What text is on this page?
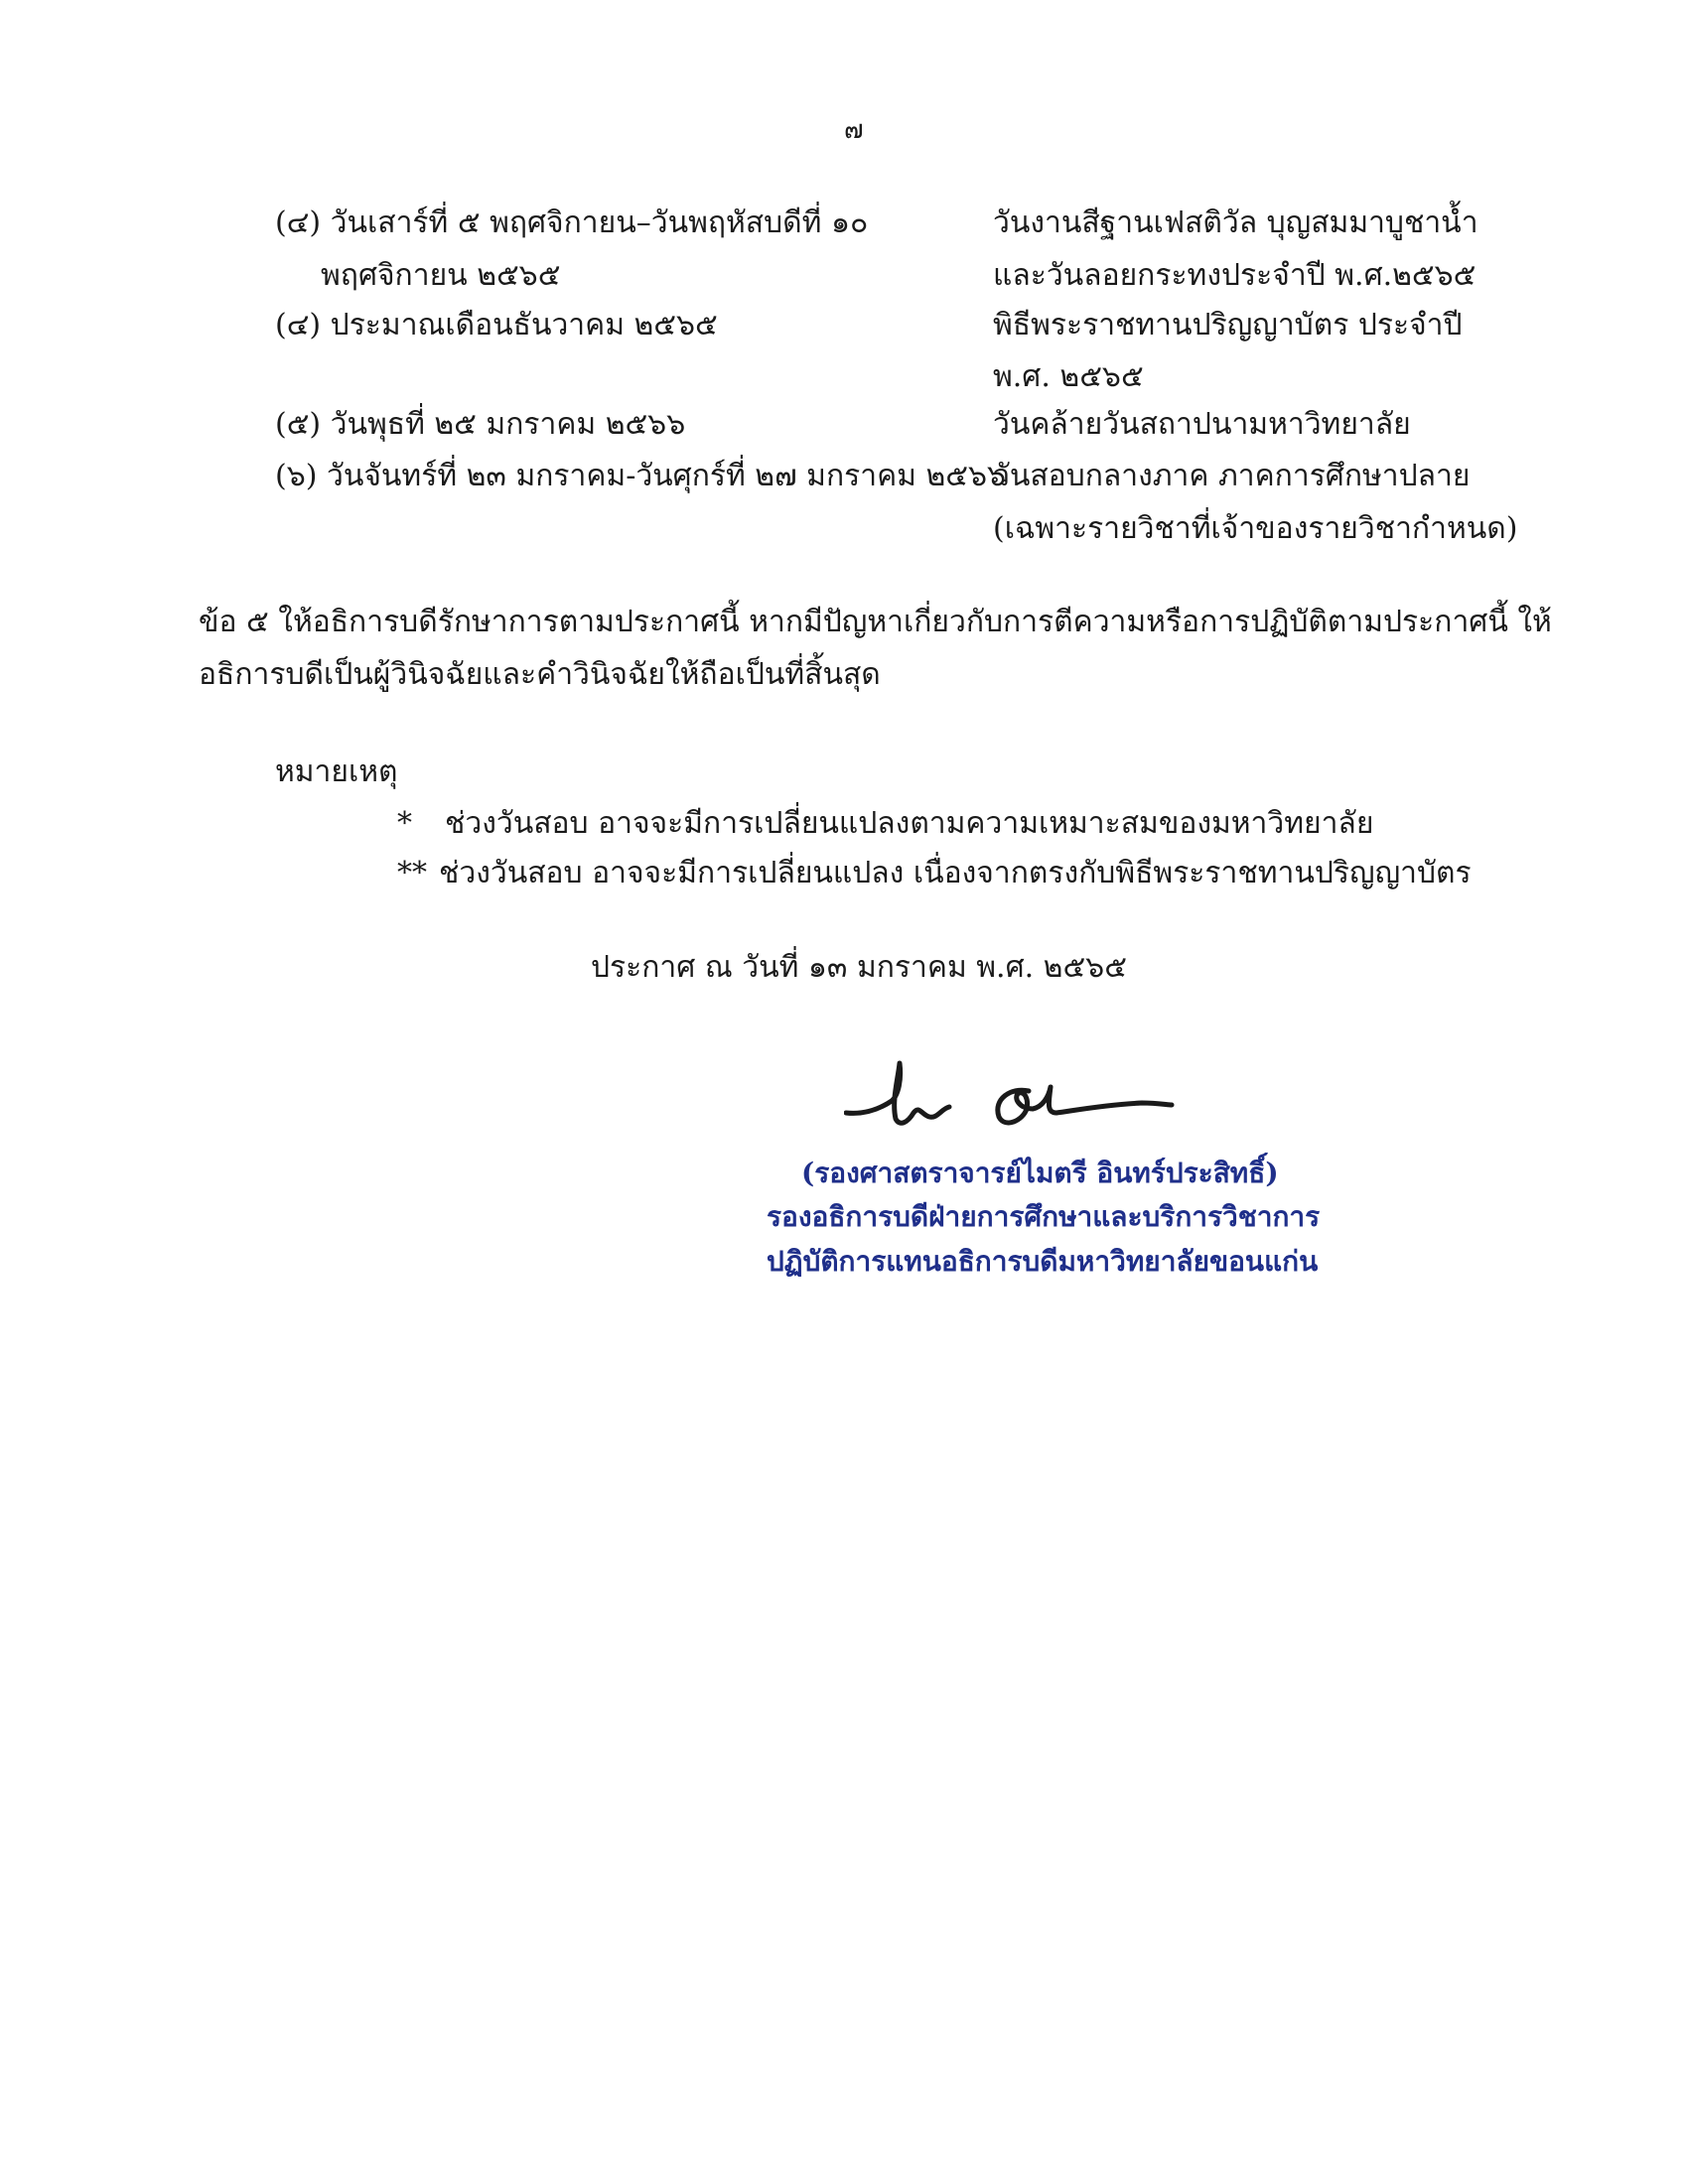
๗
(๔) วันเสาร์ที่ ๕ พฤศจิกายน–วันพฤหัสบดีที่ ๑๐
พฤศจิกายน ๒๕๖๕
วันงานสีฐานเฟสติวัล บุญสมมาบูชาน้ำ
และวันลอยกระทงประจำปี พ.ศ.๒๕๖๕
(๔) ประมาณเดือนธันวาคม ๒๕๖๕	พิธีพระราชทานปริญญาบัตร ประจำปี
พ.ศ. ๒๕๖๕
(๕) วันพุธที่ ๒๕ มกราคม ๒๕๖๖	วันคล้ายวันสถาปนามหาวิทยาลัย
(๖) วันจันทร์ที่ ๒๓ มกราคม-วันศุกร์ที่ ๒๗ มกราคม ๒๕๖๖
วันสอบกลางภาค ภาคการศึกษาปลาย
(เฉพาะรายวิชาที่เจ้าของรายวิชากำหนด)
ข้อ ๕ ให้อธิการบดีรักษาการตามประกาศนี้ หากมีปัญหาเกี่ยวกับการตีความหรือการปฏิบัติตามประกาศนี้ ให้
อธิการบดีเป็นผู้วินิจฉัยและคำวินิจฉัยให้ถือเป็นที่สิ้นสุด
หมายเหตุ
* ช่วงวันสอบ อาจจะมีการเปลี่ยนแปลงตามความเหมาะสมของมหาวิทยาลัย
** ช่วงวันสอบ อาจจะมีการเปลี่ยนแปลง เนื่องจากตรงกับพิธีพระราชทานปริญญาบัตร
ประกาศ ณ วันที่ ๑๓ มกราคม พ.ศ. ๒๕๖๕
(รองศาสตราจารย์ไมตรี อินทร์ประสิทธิ์)
รองอธิการบดีฝ่ายการศึกษาและบริการวิชาการ
ปฏิบัติการแทนอธิการบดีมหาวิทยาลัยขอนแก่น
